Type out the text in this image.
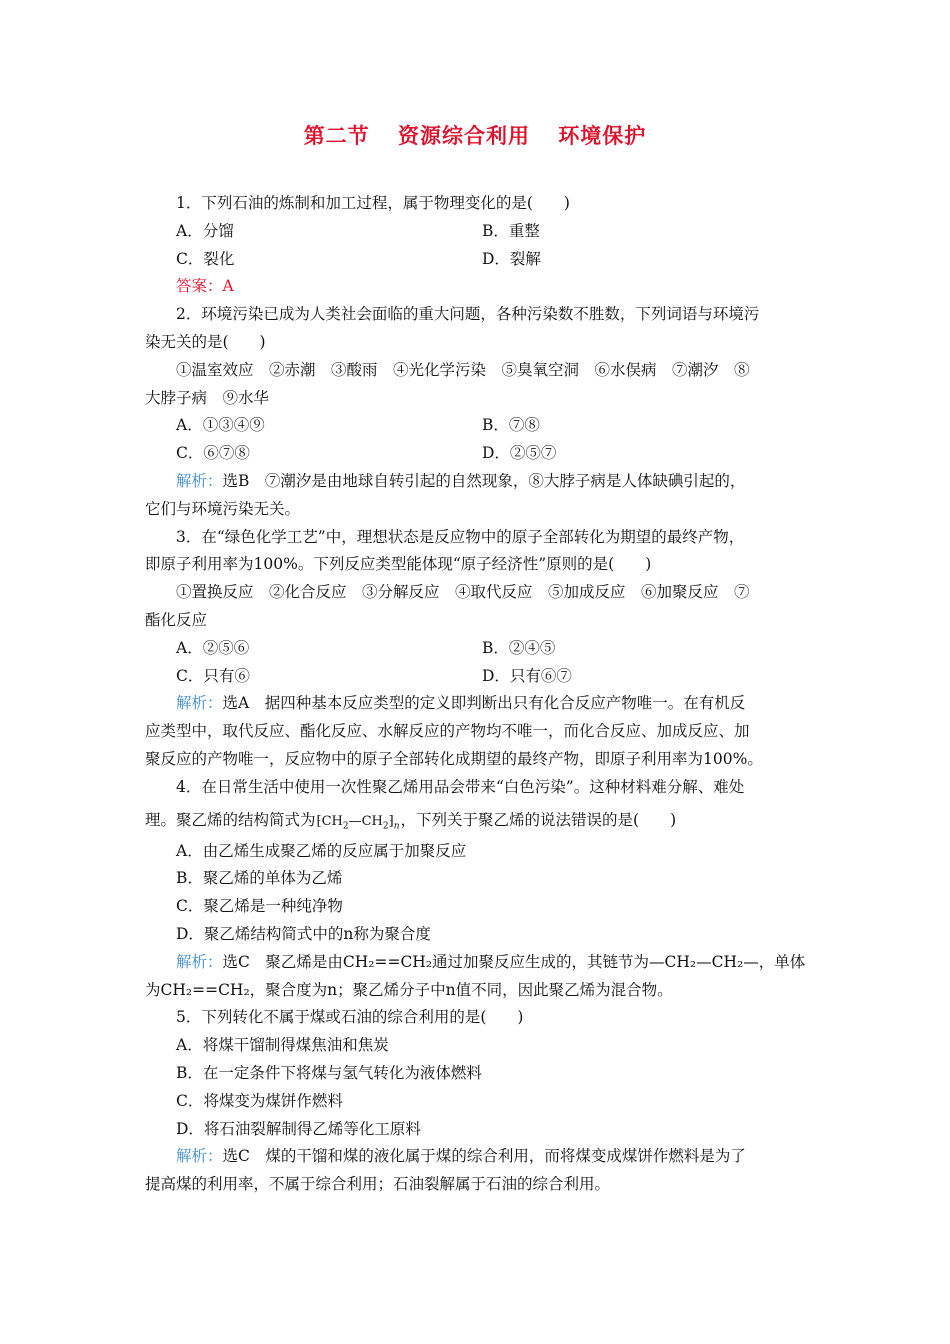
第二节 资源综合利用 环境保护
1．下列石油的炼制和加工过程，属于物理变化的是(　　)
A．分馏	B．重整
C．裂化	D．裂解
答案：A
2．环境污染已成为人类社会面临的重大问题，各种污染数不胜数，下列词语与环境污
染无关的是(　　)
①温室效应　②赤潮　③酸雨　④光化学污染　⑤臭氧空洞　⑥水俣病　⑦潮汐　⑧
大脖子病　⑨水华
A．①③④⑨	B．⑦⑧
C．⑥⑦⑧	D．②⑤⑦
解析：选B　⑦潮汐是由地球自转引起的自然现象，⑧大脖子病是人体缺碘引起的，
它们与环境污染无关。
3．在“绿色化学工艺”中，理想状态是反应物中的原子全部转化为期望的最终产物，
即原子利用率为100%。下列反应类型能体现“原子经济性”原则的是(　　)
①置换反应　②化合反应　③分解反应　④取代反应　⑤加成反应　⑥加聚反应　⑦
酯化反应
A．②⑤⑥	B．②④⑤
C．只有⑥	D．只有⑥⑦
解析：选A　据四种基本反应类型的定义即判断出只有化合反应产物唯一。在有机反
应类型中，取代反应、酯化反应、水解反应的产物均不唯一，而化合反应、加成反应、加
聚反应的产物唯一，反应物中的原子全部转化成期望的最终产物，即原子利用率为100%。
4．在日常生活中使用一次性聚乙烯用品会带来“白色污染”。这种材料难分解、难处
理。聚乙烯的结构简式为$⁅CH_2—CH_2⁆_n$，下列关于聚乙烯的说法错误的是(　　)
A．由乙烯生成聚乙烯的反应属于加聚反应
B．聚乙烯的单体为乙烯
C．聚乙烯是一种纯净物
D．聚乙烯结构简式中的n称为聚合度
解析：选C　聚乙烯是由CH₂==CH₂通过加聚反应生成的，其链节为—CH₂—CH₂—，单体
为CH₂==CH₂，聚合度为n；聚乙烯分子中n值不同，因此聚乙烯为混合物。
5．下列转化不属于煤或石油的综合利用的是(　　)
A．将煤干馏制得煤焦油和焦炭
B．在一定条件下将煤与氢气转化为液体燃料
C．将煤变为煤饼作燃料
D．将石油裂解制得乙烯等化工原料
解析：选C　煤的干馏和煤的液化属于煤的综合利用，而将煤变成煤饼作燃料是为了
提高煤的利用率，不属于综合利用；石油裂解属于石油的综合利用。
